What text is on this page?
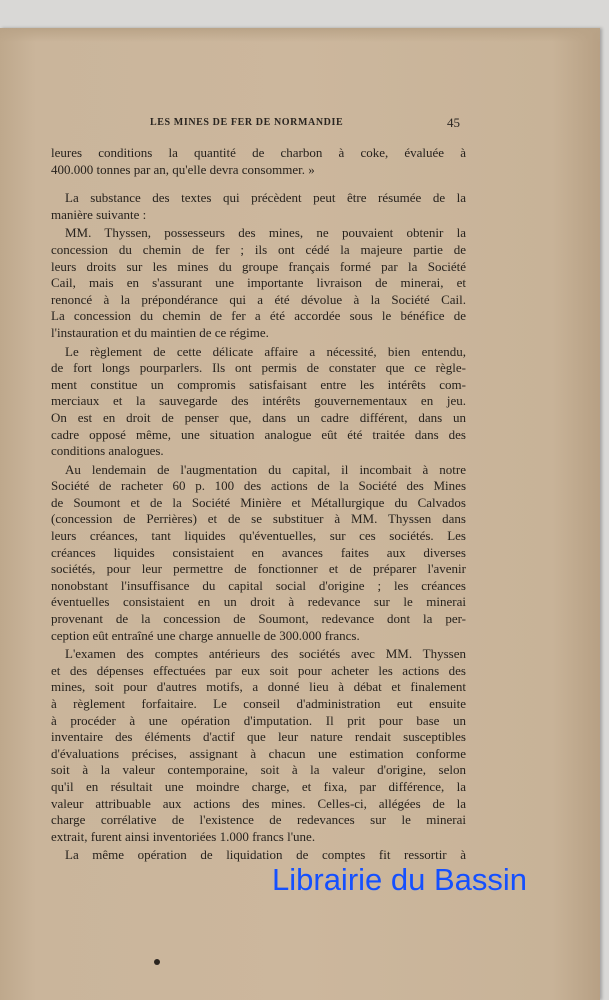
LES MINES DE FER DE NORMANDIE	45
leures conditions la quantité de charbon à coke, évaluée à
400.000 tonnes par an, qu'elle devra consommer. »
La substance des textes qui précèdent peut être résumée de la
manière suivante :
MM. Thyssen, possesseurs des mines, ne pouvaient obtenir la
concession du chemin de fer ; ils ont cédé la majeure partie de
leurs droits sur les mines du groupe français formé par la Société
Cail, mais en s'assurant une importante livraison de minerai, et
renoncé à la prépondérance qui a été dévolue à la Société Cail.
La concession du chemin de fer a été accordée sous le bénéfice de
l'instauration et du maintien de ce régime.
Le règlement de cette délicate affaire a nécessité, bien entendu,
de fort longs pourparlers. Ils ont permis de constater que ce règle-
ment constitue un compromis satisfaisant entre les intérêts com-
merciaux et la sauvegarde des intérêts gouvernementaux en jeu.
On est en droit de penser que, dans un cadre différent, dans un
cadre opposé même, une situation analogue eût été traitée dans des
conditions analogues.
Au lendemain de l'augmentation du capital, il incombait à notre
Société de racheter 60 p. 100 des actions de la Société des Mines
de Soumont et de la Société Minière et Métallurgique du Calvados
(concession de Perrières) et de se substituer à MM. Thyssen dans
leurs créances, tant liquides qu'éventuelles, sur ces sociétés. Les
créances liquides consistaient en avances faites aux diverses
sociétés, pour leur permettre de fonctionner et de préparer l'avenir
nonobstant l'insuffisance du capital social d'origine ; les créances
éventuelles consistaient en un droit à redevance sur le minerai
provenant de la concession de Soumont, redevance dont la per-
ception eût entraîné une charge annuelle de 300.000 francs.
L'examen des comptes antérieurs des sociétés avec MM. Thyssen
et des dépenses effectuées par eux soit pour acheter les actions des
mines, soit pour d'autres motifs, a donné lieu à débat et finalement
à règlement forfaitaire. Le conseil d'administration eut ensuite
à procéder à une opération d'imputation. Il prit pour base un
inventaire des éléments d'actif que leur nature rendait susceptibles
d'évaluations précises, assignant à chacun une estimation conforme
soit à la valeur contemporaine, soit à la valeur d'origine, selon
qu'il en résultait une moindre charge, et fixa, par différence, la
valeur attribuable aux actions des mines. Celles-ci, allégées de la
charge corrélative de l'existence de redevances sur le minerai
extrait, furent ainsi inventoriées 1.000 francs l'une.
La même opération de liquidation de comptes fit ressortir à
Librairie du Bassin
